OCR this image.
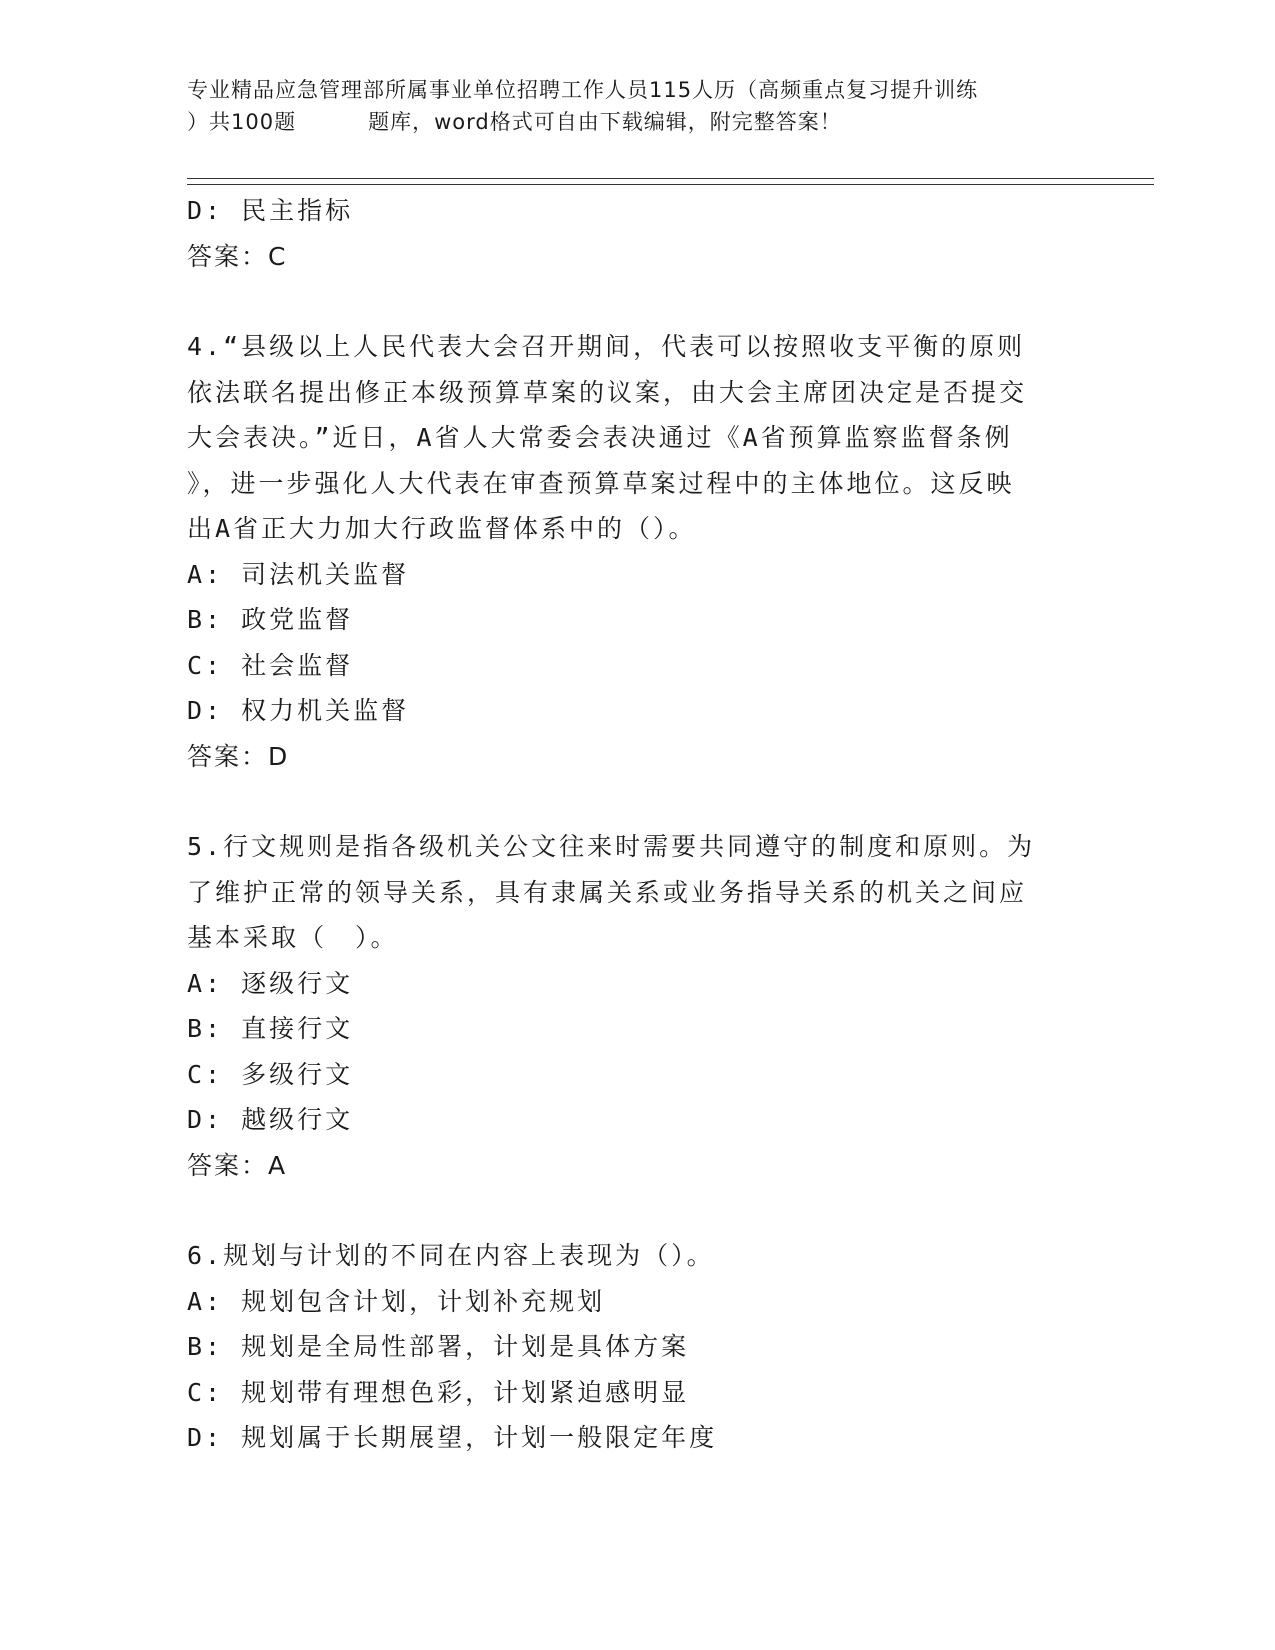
专业精品应急管理部所属事业单位招聘工作人员115人历（高频重点复习提升训练
）共100题	题库，word格式可自由下载编辑，附完整答案！
D: 民主指标
答案：C
4.“县级以上人民代表大会召开期间，代表可以按照收支平衡的原则
依法联名提出修正本级预算草案的议案，由大会主席团决定是否提交
大会表决。”近日，A省人大常委会表决通过《A省预算监察监督条例
》，进一步强化人大代表在审查预算草案过程中的主体地位。这反映
出A省正大力加大行政监督体系中的（）。
A: 司法机关监督
B: 政党监督
C: 社会监督
D: 权力机关监督
答案：D
5.行文规则是指各级机关公文往来时需要共同遵守的制度和原则。为
了维护正常的领导关系，具有隶属关系或业务指导关系的机关之间应
基本采取（　）。
A: 逐级行文
B: 直接行文
C: 多级行文
D: 越级行文
答案：A
6.规划与计划的不同在内容上表现为（）。
A: 规划包含计划，计划补充规划
B: 规划是全局性部署，计划是具体方案
C: 规划带有理想色彩，计划紧迫感明显
D: 规划属于长期展望，计划一般限定年度
